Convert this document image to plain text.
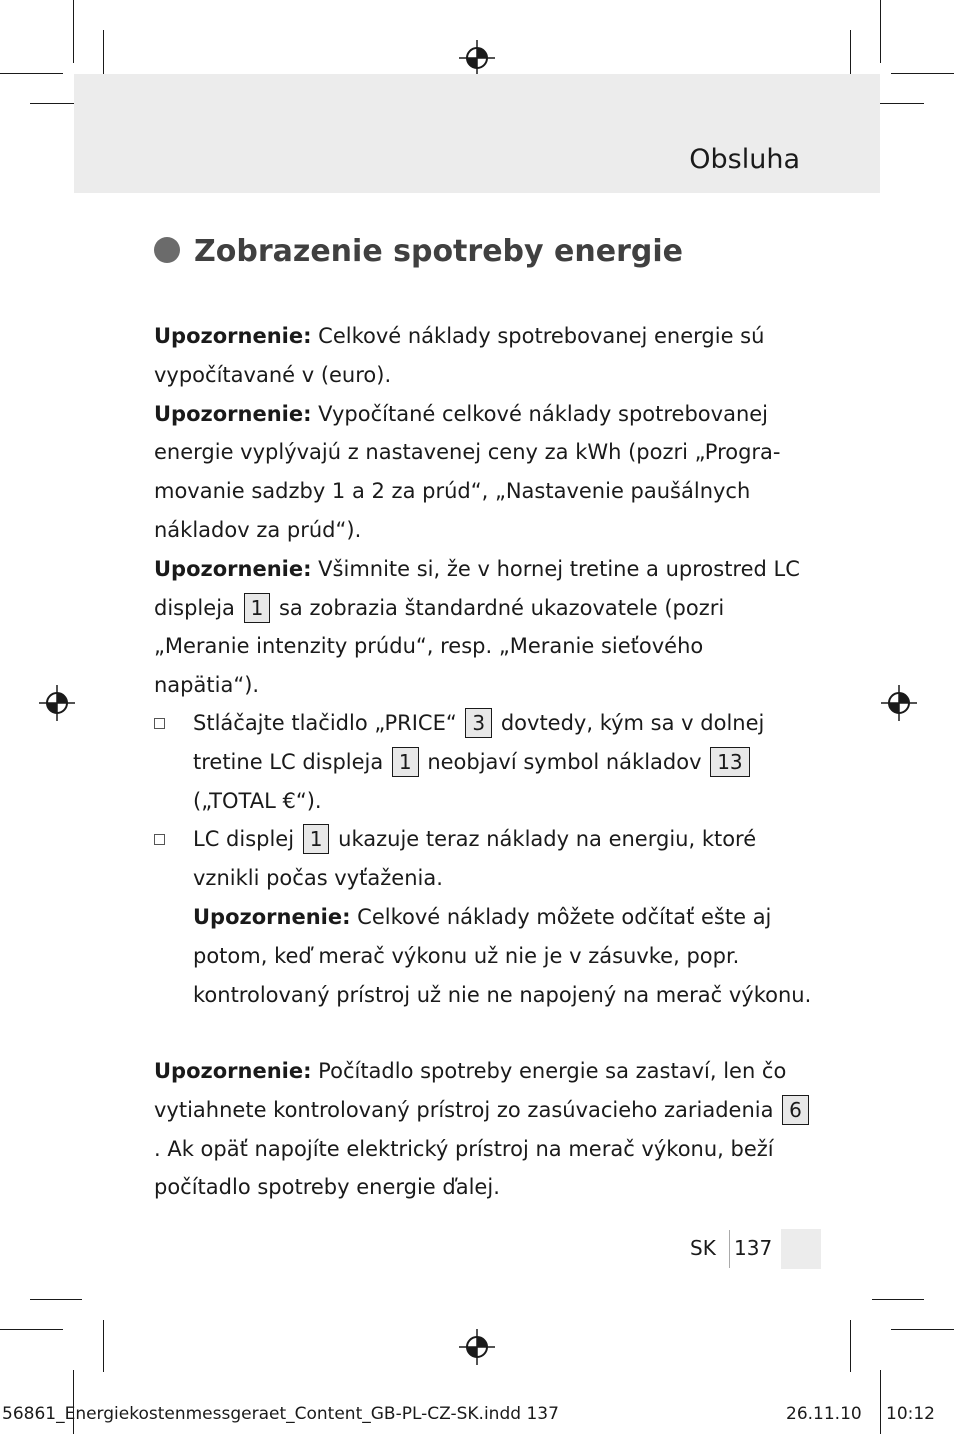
Obsluha
Zobrazenie spotreby energie
Upozornenie: Celkové náklady spotrebovanej energie sú vypočítavané v (euro).
Upozornenie: Vypočítané celkové náklady spotrebovanej energie vyplývajú z nastavenej ceny za kWh (pozri „Progra-movanie sadzby 1 a 2 za prúd“, „Nastavenie paušálnych nákladov za prúd“).
Upozornenie: Všimnite si, že v hornej tretine a uprostred LC displeja 1 sa zobrazia štandardné ukazovatele (pozri „Meranie intenzity prúdu“, resp. „Meranie sieťového napätia“).
Stláčajte tlačidlo „PRICE“ 3 dovtedy, kým sa v dolnej tretine LC displeja 1 neobjaví symbol nákladov 13 („TOTAL €“).
LC displej 1 ukazuje teraz náklady na energiu, ktoré vznikli počas vyťaženia.
Upozornenie: Celkové náklady môžete odčítať ešte aj potom, keď merač výkonu už nie je v zásuvke, popr. kontrolovaný prístroj už nie ne napojený na merač výkonu.
Upozornenie: Počítadlo spotreby energie sa zastaví, len čo vytiahnete kontrolovaný prístroj zo zasúvacieho zariadenia 6. Ak opäť napojíte elektrický prístroj na merač výkonu, beží počítadlo spotreby energie ďalej.
SK 137
56861_Energiekostenmessgeraet_Content_GB-PL-CZ-SK.indd 137	26.11.10 10:12
